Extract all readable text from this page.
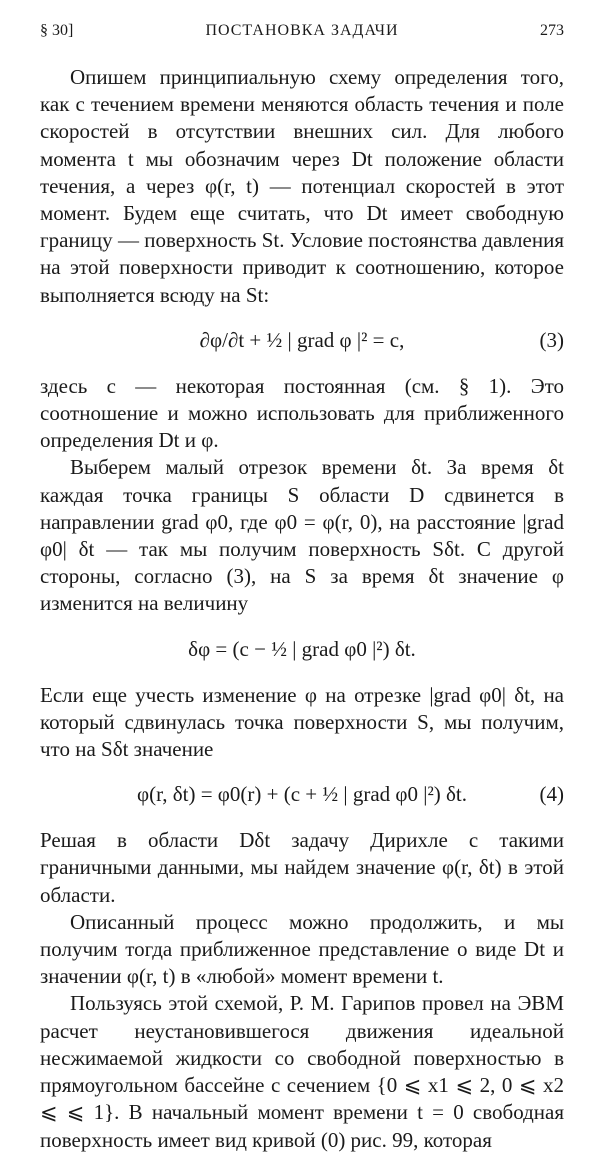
§ 30]	ПОСТАНОВКА ЗАДАЧИ	273

Опишем принципиальную схему определения того, как с течением времени меняются область течения и поле скоростей в отсутствии внешних сил. Для любого момента t мы обозначим через Dt положение области течения, а через φ(r, t) — потенциал скоростей в этот момент. Будем еще считать, что Dt имеет свободную границу — поверхность St. Условие постоянства давления на этой поверхности приводит к соотношению, которое выполняется всюду на St:

∂φ/∂t + ½ | grad φ |² = c,	(3)

здесь c — некоторая постоянная (см. § 1). Это соотношение и можно использовать для приближенного определения Dt и φ.

Выберем малый отрезок времени δt. За время δt каждая точка границы S области D сдвинется в направлении grad φ0, где φ0 = φ(r, 0), на расстояние |grad φ0| δt — так мы получим поверхность Sδt. С другой стороны, согласно (3), на S за время δt значение φ изменится на величину

δφ = (c − ½ | grad φ0 |²) δt.

Если еще учесть изменение φ на отрезке |grad φ0| δt, на который сдвинулась точка поверхности S, мы получим, что на Sδt значение

φ(r, δt) = φ0(r) + (c + ½ | grad φ0 |²) δt.	(4)

Решая в области Dδt задачу Дирихле с такими граничными данными, мы найдем значение φ(r, δt) в этой области.

Описанный процесс можно продолжить, и мы получим тогда приближенное представление о виде Dt и значении φ(r, t) в «любой» момент времени t.

Пользуясь этой схемой, Р. М. Гарипов провел на ЭВМ расчет неустановившегося движения идеальной несжимаемой жидкости со свободной поверхностью в прямоугольном бассейне с сечением {0 ⩽ x1 ⩽ 2, 0 ⩽ x2 ⩽ ⩽ 1}. В начальный момент времени t = 0 свободная поверхность имеет вид кривой (0) рис. 99, которая
